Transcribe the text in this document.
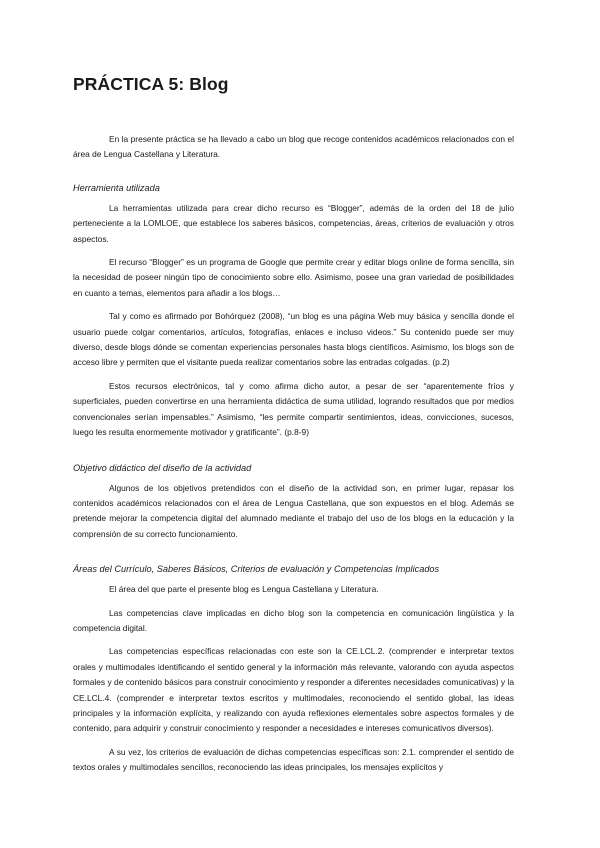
PRÁCTICA 5: Blog

En la presente práctica se ha llevado a cabo un blog que recoge contenidos académicos relacionados con el área de Lengua Castellana y Literatura.

Herramienta utilizada

La herramientas utilizada para crear dicho recurso es “Blogger”, además de la orden del 18 de julio perteneciente a la LOMLOE, que establece los saberes básicos, competencias, áreas, criterios de evaluación y otros aspectos.

El recurso “Blogger” es un programa de Google que permite crear y editar blogs online de forma sencilla, sin la necesidad de poseer ningún tipo de conocimiento sobre ello. Asimismo, posee una gran variedad de posibilidades en cuanto a temas, elementos para añadir a los blogs…

Tal y como es afirmado por Bohórquez (2008), “un blog es una página Web muy básica y sencilla donde el usuario puede colgar comentarios, artículos, fotografías, enlaces e incluso videos.” Su contenido puede ser muy diverso, desde blogs dónde se comentan experiencias personales hasta blogs científicos. Asimismo, los blogs son de acceso libre y permiten que el visitante pueda realizar comentarios sobre las entradas colgadas. (p.2)

Estos recursos electrónicos, tal y como afirma dicho autor, a pesar de ser “aparentemente fríos y superficiales, pueden convertirse en una herramienta didáctica de suma utilidad, logrando resultados que por medios convencionales serían impensables.” Asimismo, “les permite compartir sentimientos, ideas, convicciones, sucesos, luego les resulta enormemente motivador y gratificante”. (p.8-9)

Objetivo didáctico del diseño de la actividad

Algunos de los objetivos pretendidos con el diseño de la actividad son, en primer lugar, repasar los contenidos académicos relacionados con el área de Lengua Castellana, que son expuestos en el blog. Además se pretende mejorar la competencia digital del alumnado mediante el trabajo del uso de los blogs en la educación y la comprensión de su correcto funcionamiento.

Áreas del Currículo, Saberes Básicos, Criterios de evaluación y Competencias Implicados

El área del que parte el presente blog es Lengua Castellana y Literatura.

Las competencias clave implicadas en dicho blog son la competencia en comunicación lingüística y la competencia digital.

Las competencias específicas relacionadas con este son la CE.LCL.2. (comprender e interpretar textos orales y multimodales identificando el sentido general y la información más relevante, valorando con ayuda aspectos formales y de contenido básicos para construir conocimiento y responder a diferentes necesidades comunicativas) y la CE.LCL.4. (comprender e interpretar textos escritos y multimodales, reconociendo el sentido global, las ideas principales y la información explícita, y realizando con ayuda reflexiones elementales sobre aspectos formales y de contenido, para adquirir y construir conocimiento y responder a necesidades e intereses comunicativos diversos).

A su vez, los criterios de evaluación de dichas competencias específicas son: 2.1. comprender el sentido de textos orales y multimodales sencillos, reconociendo las ideas principales, los mensajes explícitos y
